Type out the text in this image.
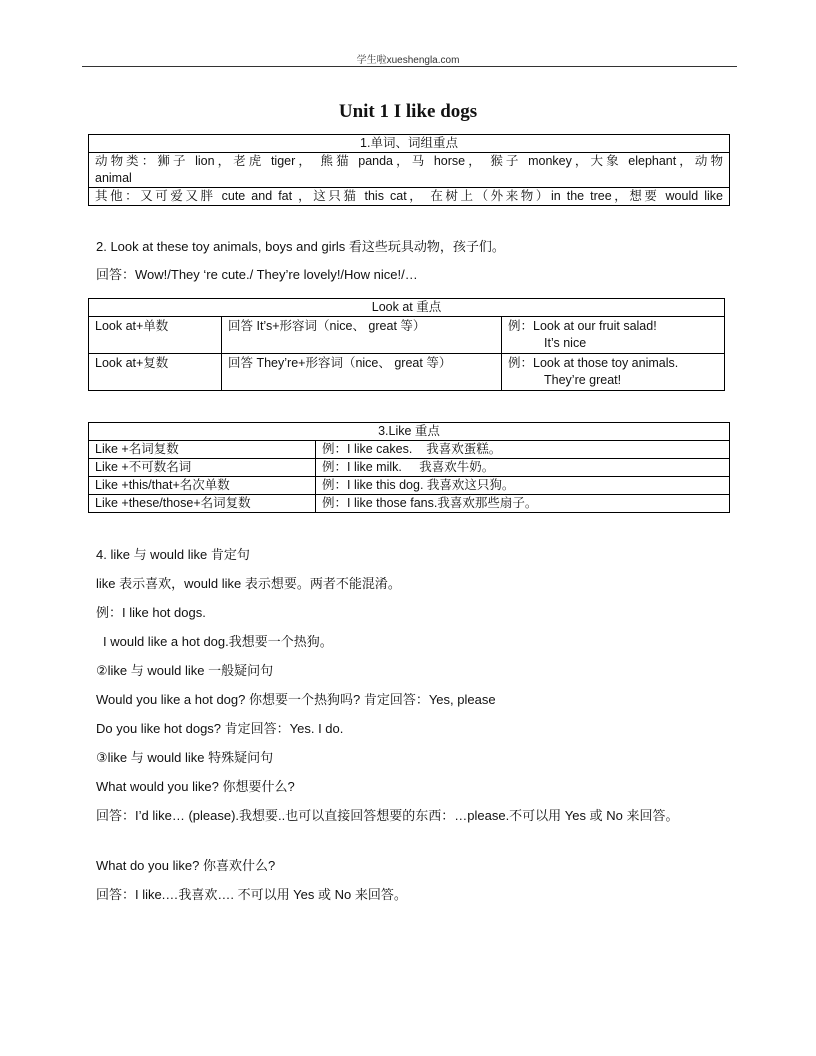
学生啦xueshengla.com
Unit 1 I like dogs
1.单词、词组重点

动物类：狮子 lion，老虎 tiger， 熊猫 panda，马 horse， 猴子 monkey，大象 elephant，动物
animal

其他：又可爱又胖 cute and fat ，这只猫 this cat， 在树上（外来物）in the tree，想要 would like
2. Look at these toy animals, boys and girls 看这些玩具动物，孩子们。
回答：Wow!/They ‘re cute./ They’re lovely!/How nice!/…
Look at 重点		
Look at+单数	回答 It’s+形容词（nice、 great 等）	例：Look at our fruit salad!
It’s nice

Look at+复数	回答 They’re+形容词（nice、 great 等）	例：Look at those toy animals.
They’re great!
3.Like 重点	
Like +名词复数	例：I like cakes.    我喜欢蛋糕。
Like +不可数名词	例：I like milk.     我喜欢牛奶。
Like +this/that+名次单数	例：I like this dog. 我喜欢这只狗。
Like +these/those+名词复数	例：I like those fans.我喜欢那些扇子。
4. like 与 would like 肯定句
like 表示喜欢，would like 表示想要。两者不能混淆。
例：I like hot dogs.
I would like a hot dog.我想要一个热狗。
②like 与 would like 一般疑问句
Would you like a hot dog? 你想要一个热狗吗? 肯定回答：Yes, please
Do you like hot dogs? 肯定回答：Yes. I do.
③like 与 would like 特殊疑问句
What would you like? 你想要什么?
回答：I’d like… (please).我想要..也可以直接回答想要的东西：…please.不可以用 Yes 或 No 来回答。
What do you like? 你喜欢什么?
回答：I like.…我喜欢…. 不可以用 Yes 或 No 来回答。
